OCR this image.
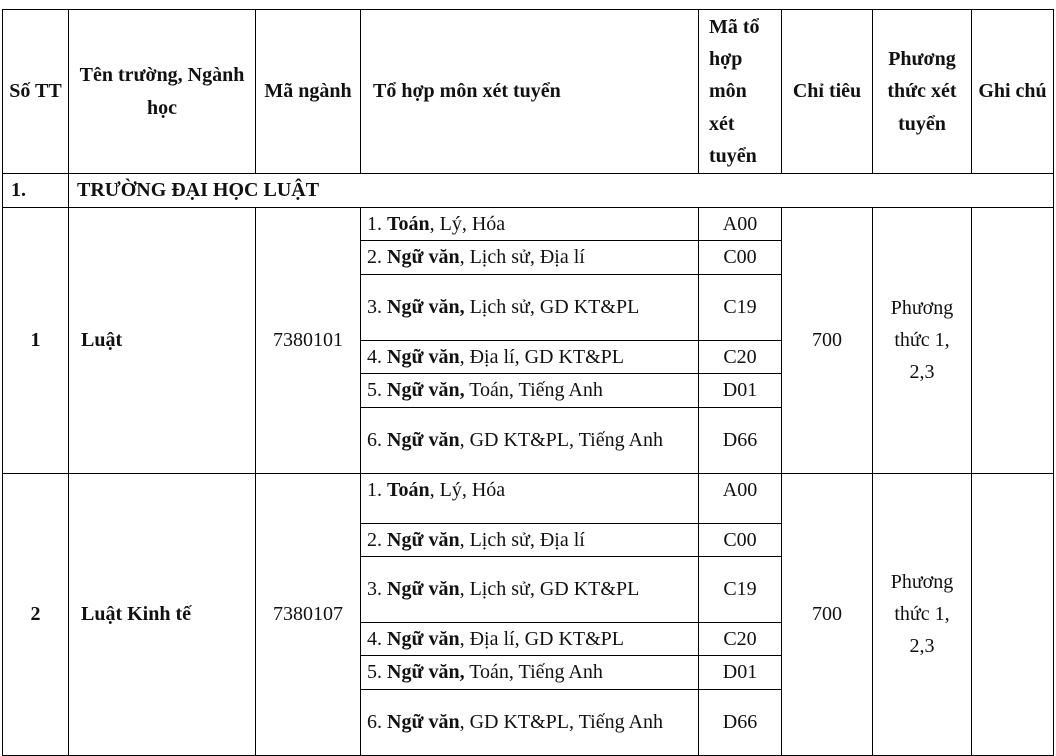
Số TT	Tên trường, Ngành học	Mã ngành	Tổ hợp môn xét tuyển	Mã tổ hợp môn xét tuyển	Chỉ tiêu	Phương thức xét tuyển	Ghi chú
1.	TRƯỜNG ĐẠI HỌC LUẬT						
1	Luật	7380101	1. Toán, Lý, Hóa	A00	700	Phương thức 1, 2,3	
			2. Ngữ văn, Lịch sử, Địa lí	C00			
			3. Ngữ văn, Lịch sử, GD KT&PL	C19			
			4. Ngữ văn, Địa lí, GD KT&PL	C20			
			5. Ngữ văn, Toán, Tiếng Anh	D01			
			6. Ngữ văn, GD KT&PL, Tiếng Anh	D66			
2	Luật Kinh tế	7380107	1. Toán, Lý, Hóa	A00	700	Phương thức 1, 2,3	
			2. Ngữ văn, Lịch sử, Địa lí	C00			
			3. Ngữ văn, Lịch sử, GD KT&PL	C19			
			4. Ngữ văn, Địa lí, GD KT&PL	C20			
			5. Ngữ văn, Toán, Tiếng Anh	D01			
			6. Ngữ văn, GD KT&PL, Tiếng Anh	D66			
